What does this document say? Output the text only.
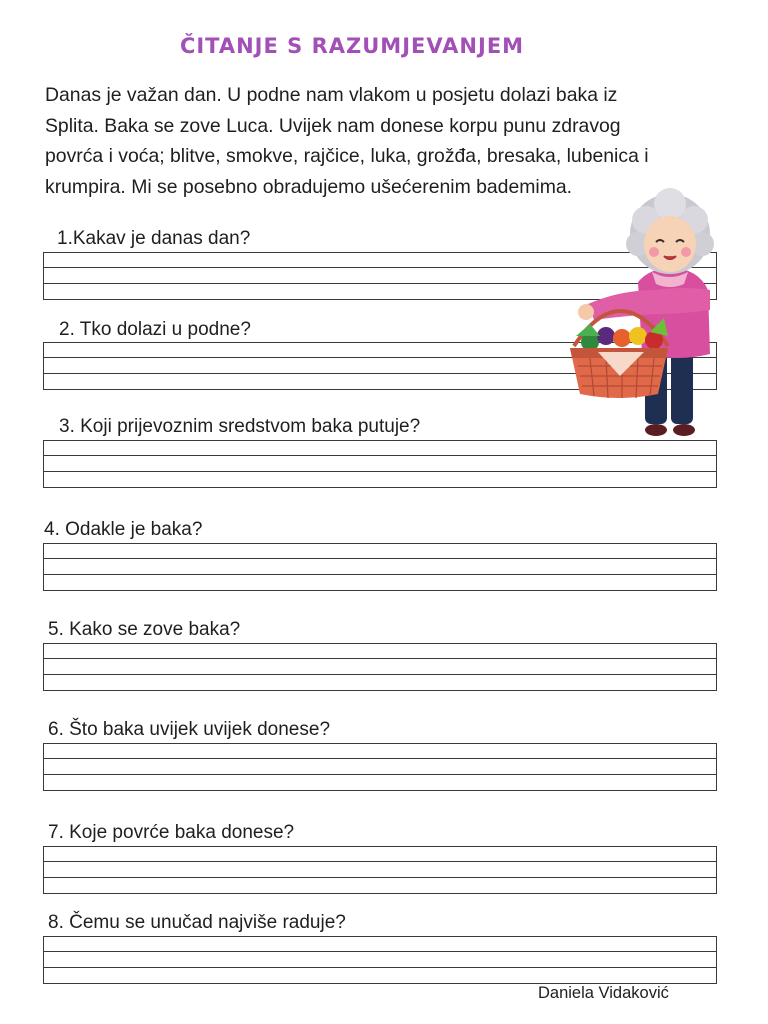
ČITANJE S RAZUMJEVANJEM
Danas je važan dan. U podne nam vlakom u posjetu dolazi baka iz
Splita. Baka se zove Luca. Uvijek nam donese korpu punu zdravog
povrća i voća; blitve, smokve, rajčice, luka, grožđa, bresaka, lubenica i
krumpira. Mi se posebno obradujemo ušećerenim bademima.
1.Kakav je danas dan?
2. Tko dolazi u podne?
3. Koji prijevoznim sredstvom baka putuje?
4. Odakle je baka?
5. Kako se zove baka?
6. Što baka uvijek uvijek donese?
7. Koje povrće baka donese?
8. Čemu se unučad najviše raduje?
Daniela Vidaković
